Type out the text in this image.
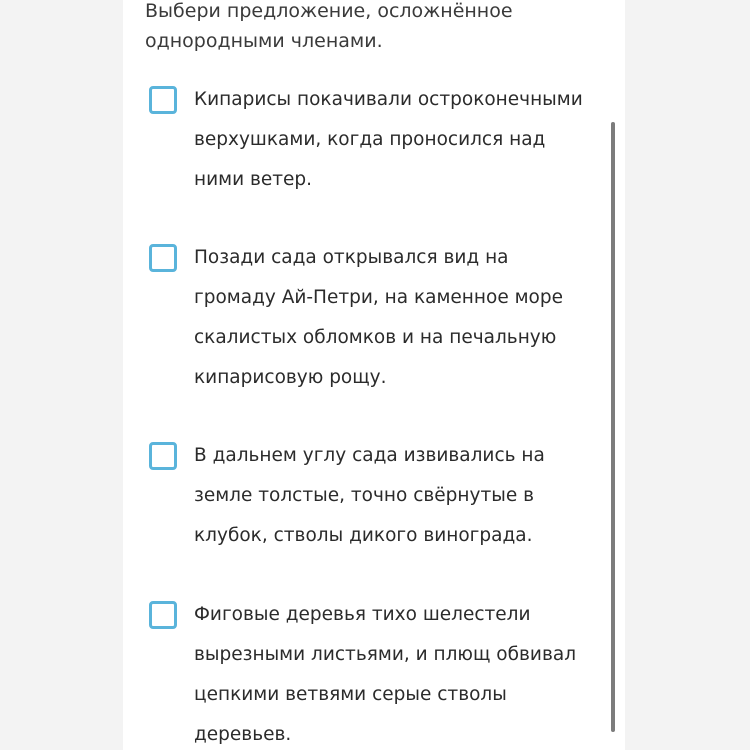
Выбери предложение, осложнённое однородными членами.

Кипарисы покачивали остроконечными верхушками, когда проносился над ними ветер.
Позади сада открывался вид на громаду Ай-Петри, на каменное море скалистых обломков и на печальную кипарисовую рощу.
В дальнем углу сада извивались на земле толстые, точно свёрнутые в клубок, стволы дикого винограда.
Фиговые деревья тихо шелестели вырезными листьями, и плющ обвивал цепкими ветвями серые стволы деревьев.
